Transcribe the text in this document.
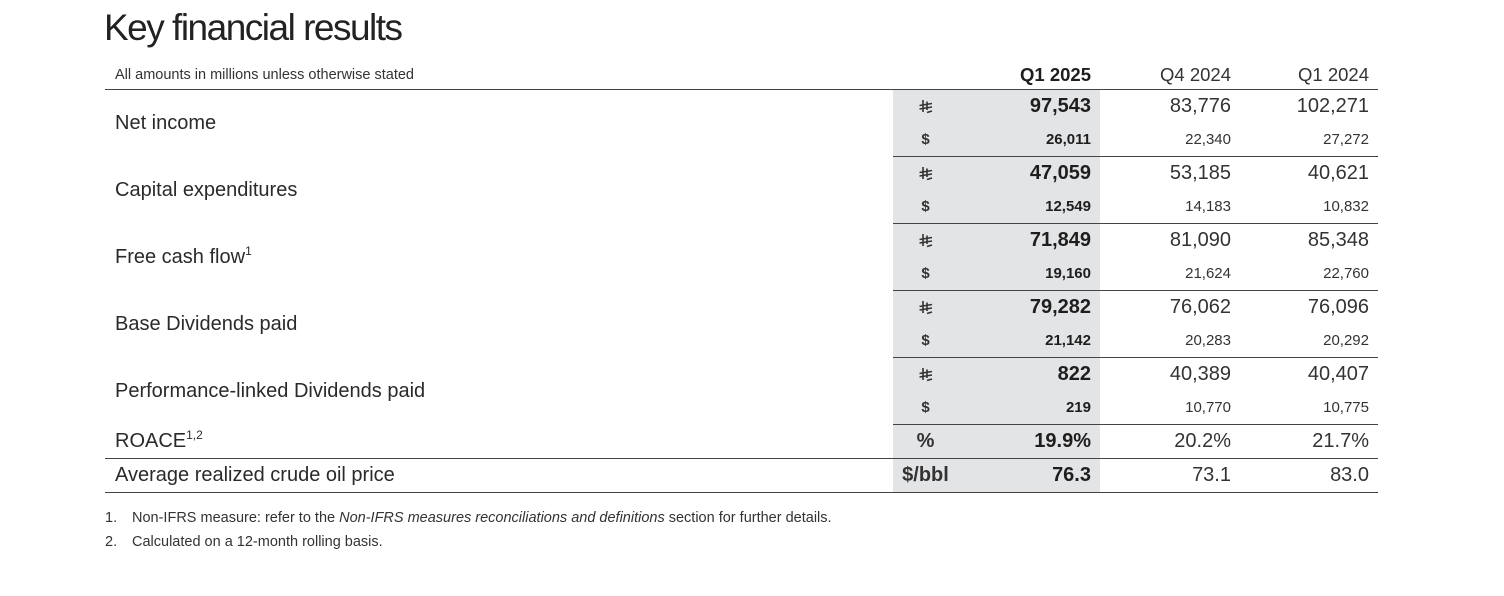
Key financial results
All amounts in millions unless otherwise stated		Q1 2025	Q4 2024	Q1 2024
Net income		97,543	83,776	102,271
	$	26,011	22,340	27,272
Capital expenditures		47,059	53,185	40,621
	$	12,549	14,183	10,832
Free cash flow$^1$		71,849	81,090	85,348
	$	19,160	21,624	22,760
Base Dividends paid		79,282	76,062	76,096
	$	21,142	20,283	20,292
Performance-linked Dividends paid		822	40,389	40,407
	$	219	10,770	10,775
ROACE$^{1,2}$	%	19.9%	20.2%	21.7%
Average realized crude oil price	$/bbl	76.3	73.1	83.0
1.	Non-IFRS measure: refer to the Non-IFRS measures reconciliations and definitions section for further details.
2.	Calculated on a 12-month rolling basis.
